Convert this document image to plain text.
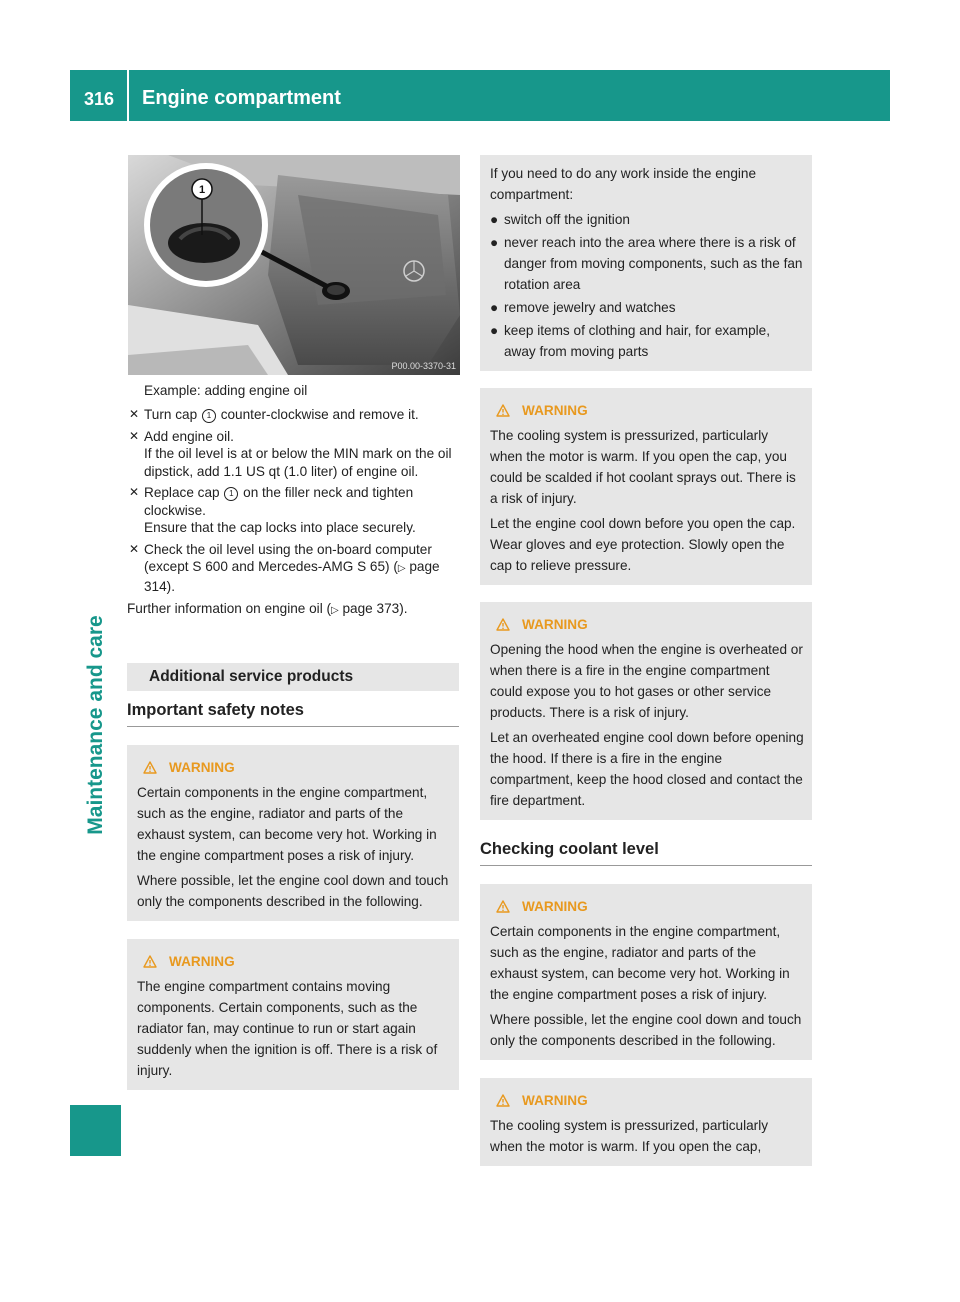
316 Engine compartment
Maintenance and care
1
P00.00-3370-31

Example: adding engine oil

✕ Turn cap 1 counter-clockwise and remove it.
✕ Add engine oil.
If the oil level is at or below the MIN mark on the oil dipstick, add 1.1 US qt (1.0 liter) of engine oil.
✕ Replace cap 1 on the filler neck and tighten clockwise.
Ensure that the cap locks into place securely.
✕ Check the oil level using the on-board computer (except S 600 and Mercedes-AMG S 65) (▷ page 314).

Further information on engine oil (▷ page 373).

Additional service products
Important safety notes
WARNING

Certain components in the engine compartment, such as the engine, radiator and parts of the exhaust system, can become very hot. Working in the engine compartment poses a risk of injury.

Where possible, let the engine cool down and touch only the components described in the following.

WARNING

The engine compartment contains moving components. Certain components, such as the radiator fan, may continue to run or start again suddenly when the ignition is off. There is a risk of injury.

If you need to do any work inside the engine compartment:

● switch off the ignition
● never reach into the area where there is a risk of danger from moving components, such as the fan rotation area
● remove jewelry and watches
● keep items of clothing and hair, for example, away from moving parts
WARNING

The cooling system is pressurized, particularly when the motor is warm. If you open the cap, you could be scalded if hot coolant sprays out. There is a risk of injury.

Let the engine cool down before you open the cap. Wear gloves and eye protection. Slowly open the cap to relieve pressure.

WARNING

Opening the hood when the engine is overheated or when there is a fire in the engine compartment could expose you to hot gases or other service products. There is a risk of injury.

Let an overheated engine cool down before opening the hood. If there is a fire in the engine compartment, keep the hood closed and contact the fire department.

Checking coolant level
WARNING

Certain components in the engine compartment, such as the engine, radiator and parts of the exhaust system, can become very hot. Working in the engine compartment poses a risk of injury.

Where possible, let the engine cool down and touch only the components described in the following.

WARNING

The cooling system is pressurized, particularly when the motor is warm. If you open the cap,
